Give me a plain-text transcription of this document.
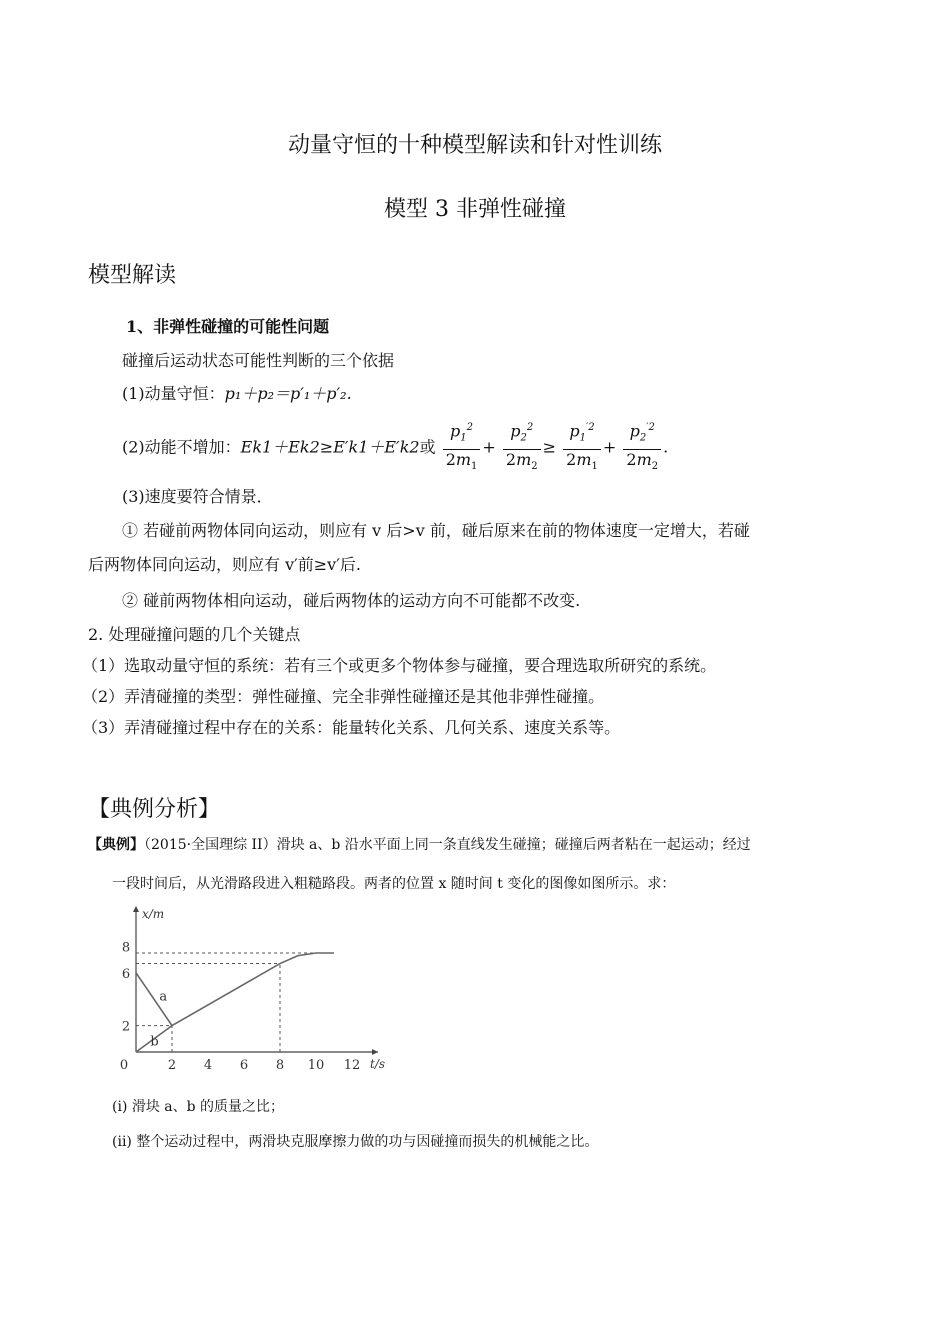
动量守恒的十种模型解读和针对性训练
模型 3 非弹性碰撞
模型解读
1、非弹性碰撞的可能性问题
碰撞后运动状态可能性判断的三个依据
(1)动量守恒：p₁＋p₂＝p′₁＋p′₂.
(2)动能不增加：Ek1＋Ek2≥E′k1＋E′k2或 $\frac{p_1^2}{2m_1} + \frac{p_2^2}{2m_2} \ge \frac{p_1^{'2}}{2m_1} + \frac{p_2^{'2}}{2m_2}$ .
(3)速度要符合情景．
① 若碰前两物体同向运动，则应有 v 后>v 前，碰后原来在前的物体速度一定增大，若碰
后两物体同向运动，则应有 v′前≥v′后.
② 碰前两物体相向运动，碰后两物体的运动方向不可能都不改变.
2. 处理碰撞问题的几个关键点
（1）选取动量守恒的系统：若有三个或更多个物体参与碰撞，要合理选取所研究的系统。
（2）弄清碰撞的类型：弹性碰撞、完全非弹性碰撞还是其他非弹性碰撞。
（3）弄清碰撞过程中存在的关系：能量转化关系、几何关系、速度关系等。
【典例分析】
【典例】（2015·全国理综 II）滑块 a、b 沿水平面上同一条直线发生碰撞；碰撞后两者粘在一起运动；经过
一段时间后，从光滑路段进入粗糙路段。两者的位置 x 随时间 t 变化的图像如图所示。求：
a
b
0	2 4 6 8 10 12
2
6
8
x/m
t/s
(i) 滑块 a、b 的质量之比；
(ii) 整个运动过程中，两滑块克服摩擦力做的功与因碰撞而损失的机械能之比。
